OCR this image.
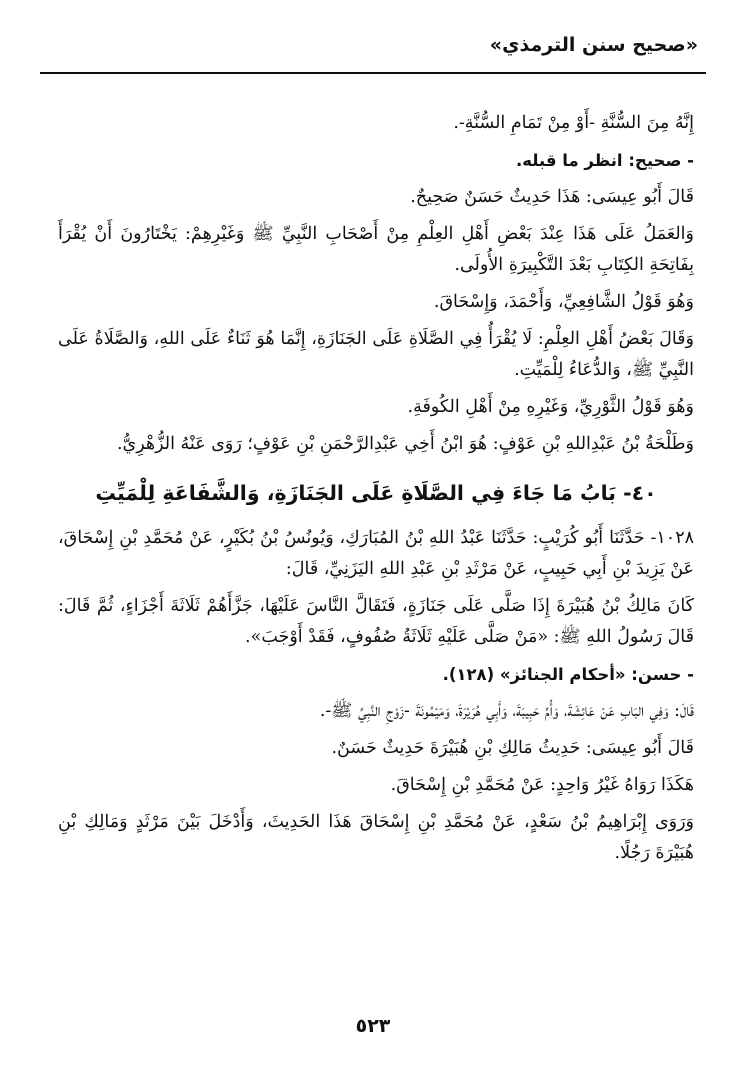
«صحيح سنن الترمذي»

إِنَّهُ مِنَ السُّنَّةِ -أَوْ مِنْ تَمَامِ السُّنَّةِ-.

- صحيح: انظر ما قبله.

قَالَ أَبُو عِيسَى: هَذَا حَدِيثٌ حَسَنٌ صَحِيحٌ.

وَالعَمَلُ عَلَى هَذَا عِنْدَ بَعْضِ أَهْلِ العِلْمِ مِنْ أَصْحَابِ النَّبِيِّ ﷺ وَغَيْرِهِمْ: يَخْتَارُونَ أَنْ يُقْرَأَ بِفَاتِحَةِ الكِتَابِ بَعْدَ التَّكْبِيرَةِ الأُولَى.

وَهُوَ قَوْلُ الشَّافِعِيِّ، وَأَحْمَدَ، وَإِسْحَاقَ.

وَقَالَ بَعْضُ أَهْلِ العِلْمِ: لَا يُقْرَأُ فِي الصَّلَاةِ عَلَى الجَنَازَةِ، إِنَّمَا هُوَ ثَنَاءٌ عَلَى اللهِ، وَالصَّلَاةُ عَلَى النَّبِيِّ ﷺ، وَالدُّعَاءُ لِلْمَيِّتِ.

وَهُوَ قَوْلُ الثَّوْرِيِّ، وَغَيْرِهِ مِنْ أَهْلِ الكُوفَةِ.

وَطَلْحَةُ بْنُ عَبْدِاللهِ بْنِ عَوْفٍ: هُوَ ابْنُ أَخِي عَبْدِالرَّحْمَنِ بْنِ عَوْفٍ؛ رَوَى عَنْهُ الزُّهْرِيُّ.

٤٠- بَابُ مَا جَاءَ فِي الصَّلَاةِ عَلَى الجَنَازَةِ، وَالشَّفَاعَةِ لِلْمَيِّتِ

١٠٢٨- حَدَّثَنَا أَبُو كُرَيْبٍ: حَدَّثَنَا عَبْدُ اللهِ بْنُ المُبَارَكِ، وَيُونُسُ بْنُ بُكَيْرٍ، عَنْ مُحَمَّدِ بْنِ إِسْحَاقَ، عَنْ يَزِيدَ بْنِ أَبِي حَبِيبٍ، عَنْ مَرْثَدِ بْنِ عَبْدِ اللهِ اليَزَنِيِّ، قَالَ:

كَانَ مَالِكُ بْنُ هُبَيْرَةَ إِذَا صَلَّى عَلَى جَنَازَةٍ، فَتَقَالَّ النَّاسَ عَلَيْهَا، جَزَّأَهُمْ ثَلَاثَةَ أَجْزَاءٍ، ثُمَّ قَالَ: قَالَ رَسُولُ اللهِ ﷺ: «مَنْ صَلَّى عَلَيْهِ ثَلَاثَةُ صُفُوفٍ، فَقَدْ أَوْجَبَ».

- حسن: «أحكام الجنائز» (١٢٨).

قَالَ: وَفِي البَابِ عَنْ عَائِشَةَ، وَأُمِّ حَبِيبَةَ، وَأَبِي هُرَيْرَةَ، وَمَيْمُونَةَ -زَوْجِ النَّبِيِّ ﷺ-.

قَالَ أَبُو عِيسَى: حَدِيثُ مَالِكِ بْنِ هُبَيْرَةَ حَدِيثٌ حَسَنٌ.

هَكَذَا رَوَاهُ غَيْرُ وَاحِدٍ: عَنْ مُحَمَّدِ بْنِ إِسْحَاقَ.

وَرَوَى إِبْرَاهِيمُ بْنُ سَعْدٍ، عَنْ مُحَمَّدِ بْنِ إِسْحَاقَ هَذَا الحَدِيثَ، وَأَدْخَلَ بَيْنَ مَرْثَدٍ وَمَالِكِ بْنِ هُبَيْرَةَ رَجُلًا.

٥٢٣
